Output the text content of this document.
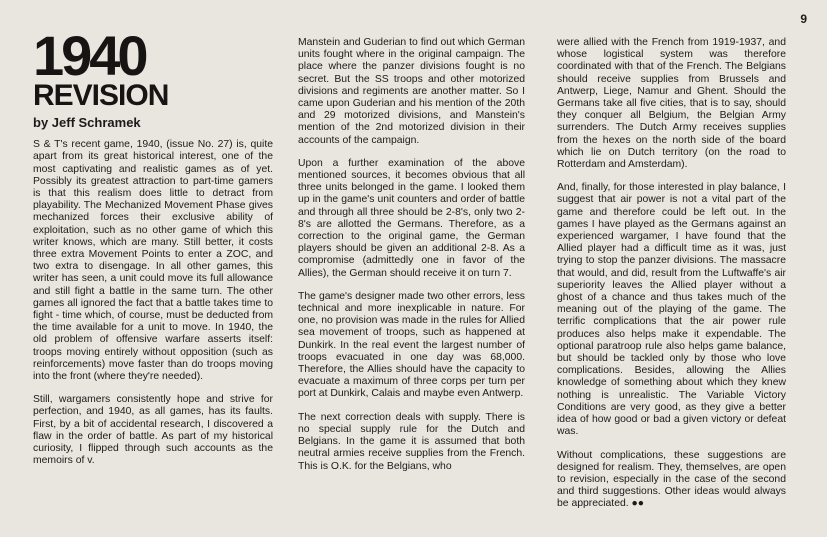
9
1940
REVISION
by Jeff Schramek

S & T's recent game, 1940, (issue No. 27) is, quite apart from its great historical interest, one of the most captivating and realistic games as of yet. Possibly its greatest attraction to part-time gamers is that this realism does little to detract from playability. The Mechanized Movement Phase gives mechanized forces their exclusive ability of exploitation, such as no other game of which this writer knows, which are many. Still better, it costs three extra Movement Points to enter a ZOC, and two extra to disengage. In all other games, this writer has seen, a unit could move its full allowance and still fight a battle in the same turn. The other games all ignored the fact that a battle takes time to fight - time which, of course, must be deducted from the time available for a unit to move. In 1940, the old problem of offensive warfare asserts itself: troops moving entirely without opposition (such as reinforcements) move faster than do troops moving into the front (where they're needed).

Still, wargamers consistently hope and strive for perfection, and 1940, as all games, has its faults. First, by a bit of accidental research, I discovered a flaw in the order of battle. As part of my historical curiosity, I flipped through such accounts as the memoirs of v.

Manstein and Guderian to find out which German units fought where in the original campaign. The place where the panzer divisions fought is no secret. But the SS troops and other motorized divisions and regiments are another matter. So I came upon Guderian and his mention of the 20th and 29 motorized divisions, and Manstein's mention of the 2nd motorized division in their accounts of the campaign.

Upon a further examination of the above mentioned sources, it becomes obvious that all three units belonged in the game. I looked them up in the game's unit counters and order of battle and through all three should be 2-8's, only two 2-8's are allotted the Germans. Therefore, as a correction to the original game, the German players should be given an additional 2-8. As a compromise (admittedly one in favor of the Allies), the German should receive it on turn 7.

The game's designer made two other errors, less technical and more inexplicable in nature. For one, no provision was made in the rules for Allied sea movement of troops, such as happened at Dunkirk. In the real event the largest number of troops evacuated in one day was 68,000. Therefore, the Allies should have the capacity to evacuate a maximum of three corps per turn per port at Dunkirk, Calais and maybe even Antwerp.

The next correction deals with supply. There is no special supply rule for the Dutch and Belgians. In the game it is assumed that both neutral armies receive supplies from the French. This is O.K. for the Belgians, who

were allied with the French from 1919-1937, and whose logistical system was therefore coordinated with that of the French. The Belgians should receive supplies from Brussels and Antwerp, Liege, Namur and Ghent. Should the Germans take all five cities, that is to say, should they conquer all Belgium, the Belgian Army surrenders. The Dutch Army receives supplies from the hexes on the north side of the board which lie on Dutch territory (on the road to Rotterdam and Amsterdam).

And, finally, for those interested in play balance, I suggest that air power is not a vital part of the game and therefore could be left out. In the games I have played as the Germans against an experienced wargamer, I have found that the Allied player had a difficult time as it was, just trying to stop the panzer divisions. The massacre that would, and did, result from the Luftwaffe's air superiority leaves the Allied player without a ghost of a chance and thus takes much of the meaning out of the playing of the game. The terrific complications that the air power rule produces also helps make it expendable. The optional paratroop rule also helps game balance, but should be tackled only by those who love complications. Besides, allowing the Allies knowledge of something about which they knew nothing is unrealistic. The Variable Victory Conditions are very good, as they give a better idea of how good or bad a given victory or defeat was.

Without complications, these suggestions are designed for realism. They, themselves, are open to revision, especially in the case of the second and third suggestions. Other ideas would always be appreciated. ●●
